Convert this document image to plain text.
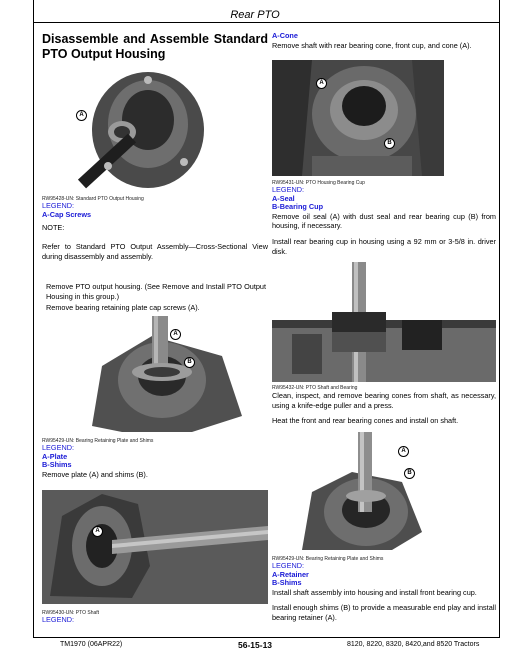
Rear PTO
Disassemble and Assemble Standard PTO Output Housing
A

RW95428-UN: Standard PTO Output Housing

LEGEND:

A-Cap Screws

NOTE:

Refer to Standard PTO Output Assembly—Cross-Sectional View during disassembly and assembly.

Remove PTO output housing. (See Remove and Install PTO Output Housing in this group.)

Remove bearing retaining plate cap screws (A).

A
B

RW95429-UN: Bearing Retaining Plate and Shims

LEGEND:

A-Plate

B-Shims

Remove plate (A) and shims (B).

A

RW95430-UN: PTO Shaft

LEGEND:

A-Cone

Remove shaft with rear bearing cone, front cup, and cone (A).

A
B

RW95431-UN: PTO Housing Bearing Cup

LEGEND:

A-Seal

B-Bearing Cup

Remove oil seal (A) with dust seal and rear bearing cup (B) from housing, if necessary.

Install rear bearing cup in housing using a 92 mm or 3-5/8 in. driver disk.

RW95432-UN: PTO Shaft and Bearing

Clean, inspect, and remove bearing cones from shaft, as necessary, using a knife-edge puller and a press.

Heat the front and rear bearing cones and install on shaft.

A
B

RW95429-UN: Bearing Retaining Plate and Shims

LEGEND:

A-Retainer

B-Shims

Install shaft assembly into housing and install front bearing cup.

Install enough shims (B) to provide a measurable end play and install bearing retainer (A).

TM1970 (06APR22)	56-15-13	8120, 8220, 8320, 8420,and 8520 Tractors
